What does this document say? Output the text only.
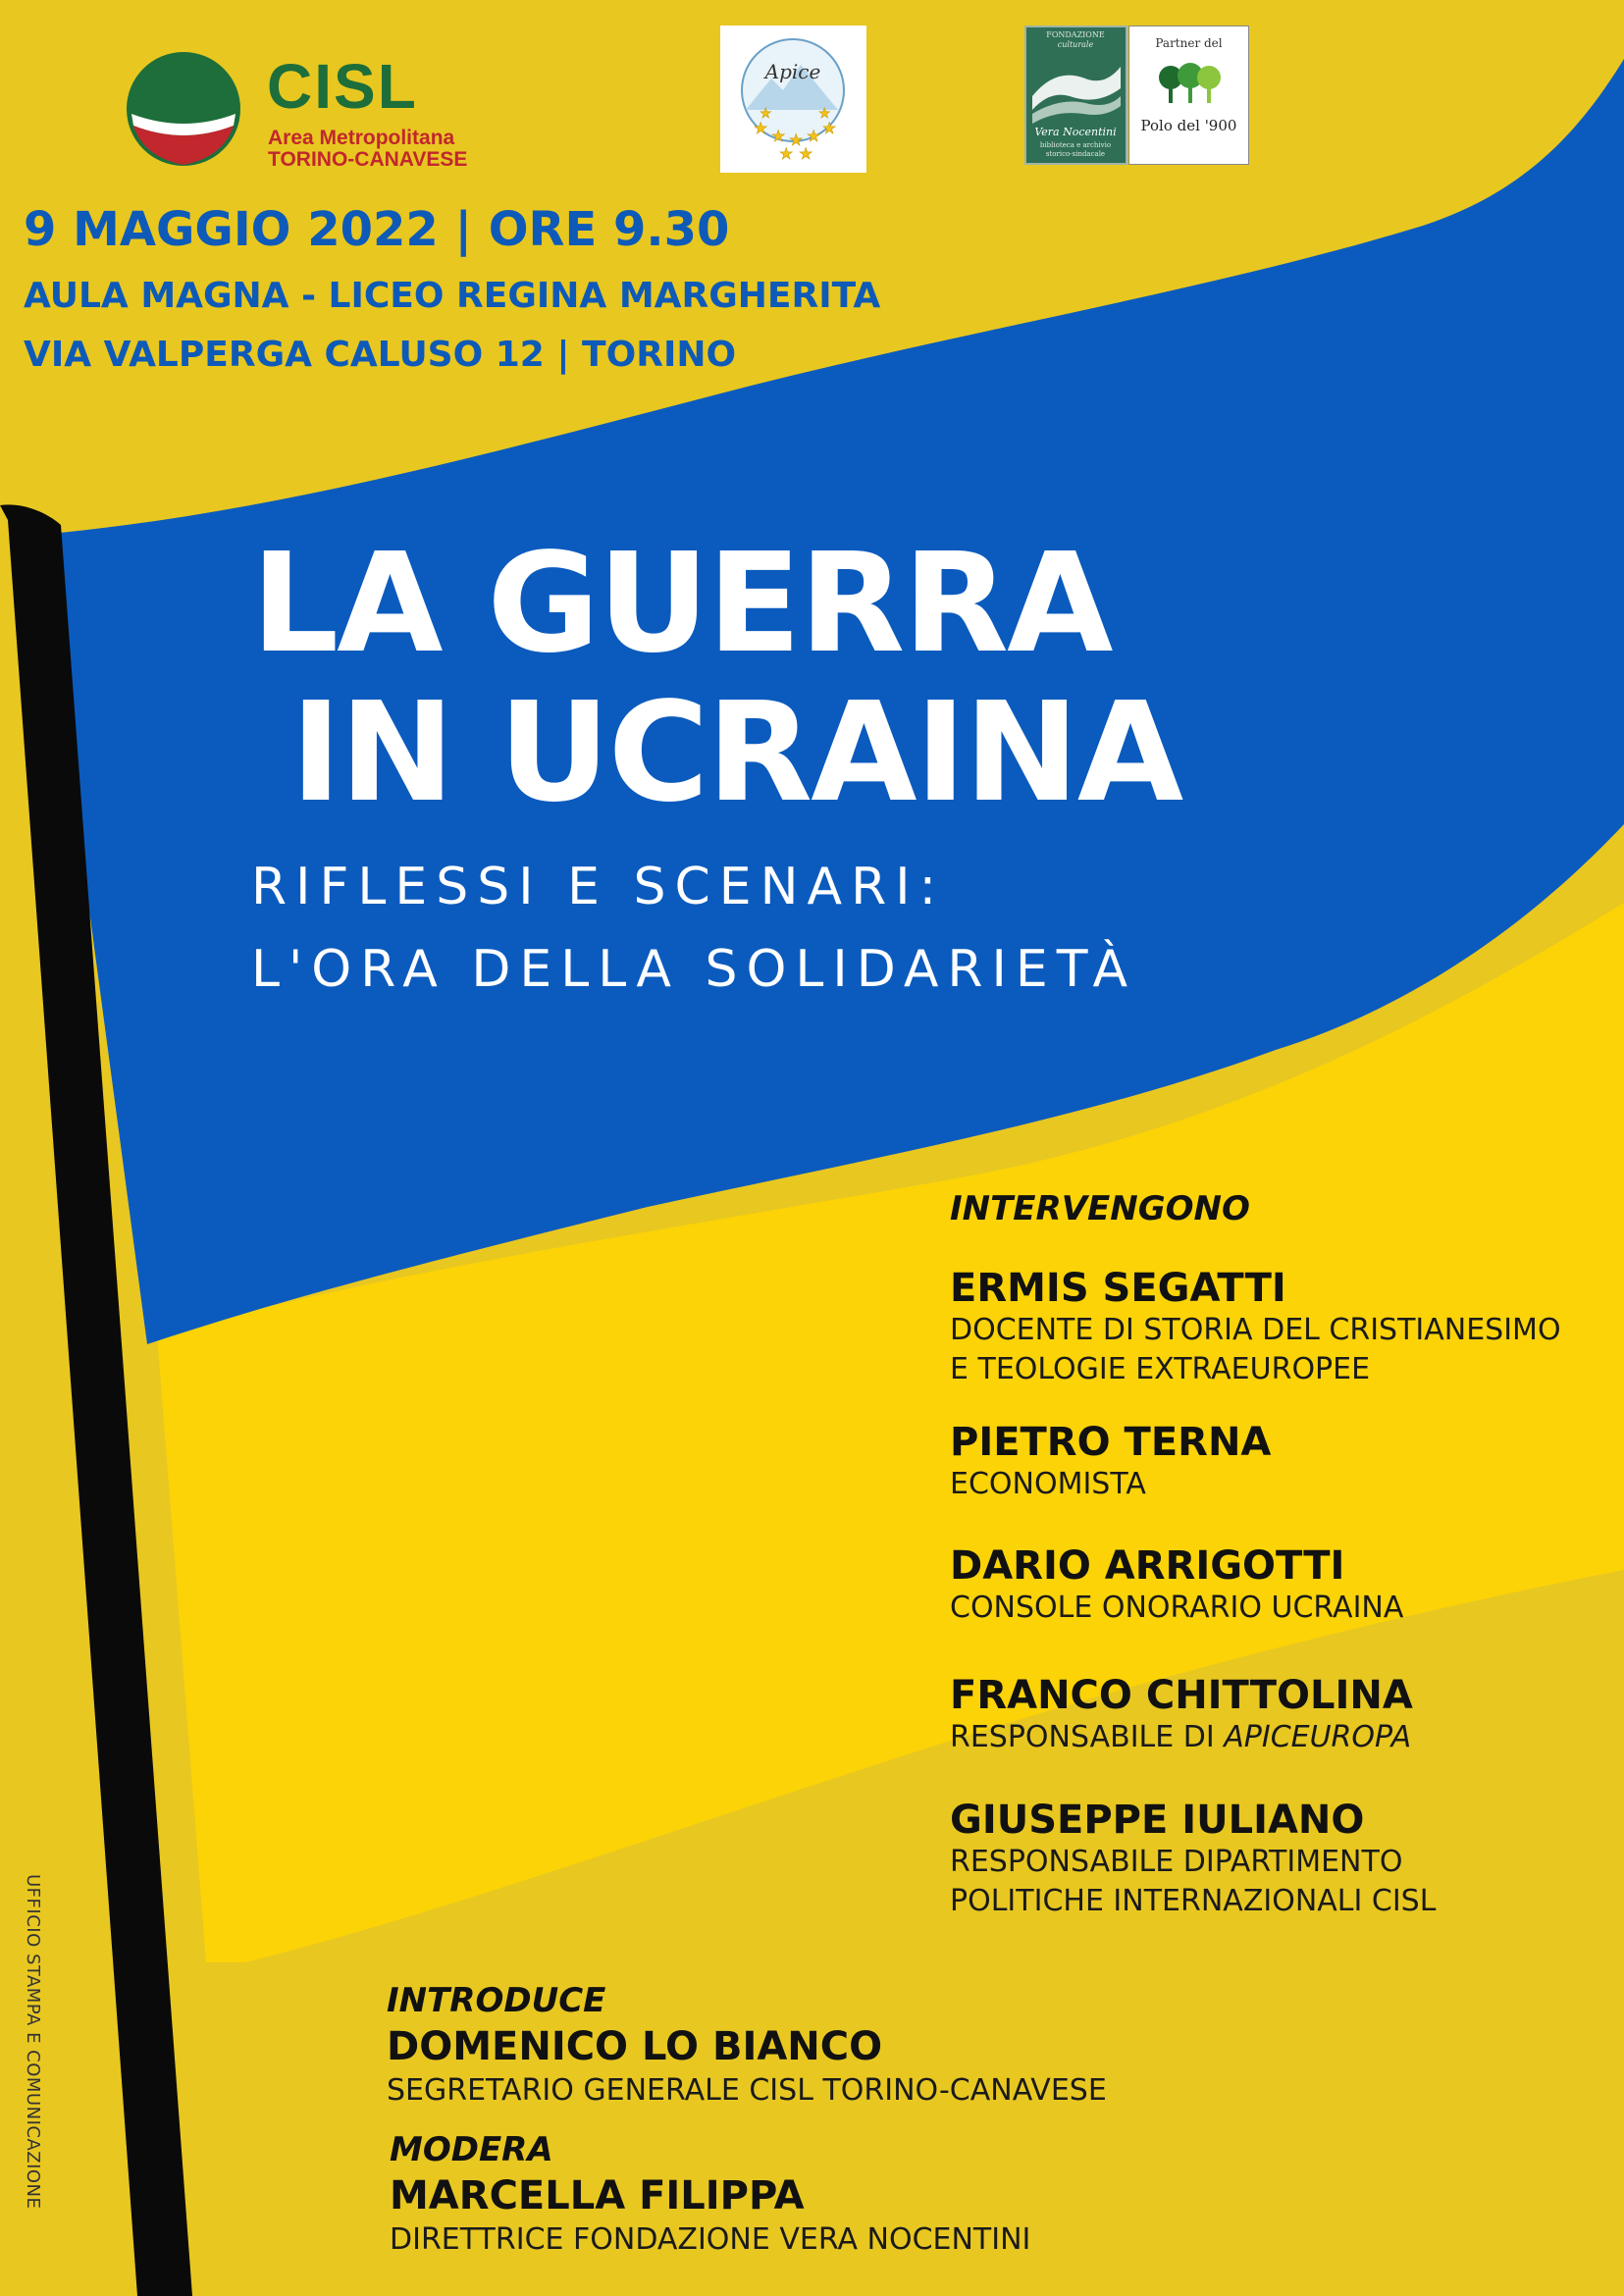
CISL
Area Metropolitana
TORINO-CANAVESE
Apice
★ ★ ★ ★ ★
★ ★
★	★
FONDAZIONE
culturale
Vera Nocentini
biblioteca e archivio
storico-sindacale
Partner del
Polo del '900
9 MAGGIO 2022 | ORE 9.30
AULA MAGNA - LICEO REGINA MARGHERITA
VIA VALPERGA CALUSO 12 | TORINO
LA GUERRA
IN UCRAINA
RIFLESSI E SCENARI:
L'ORA DELLA SOLIDARIETÀ
INTERVENGONO
ERMIS SEGATTI
DOCENTE DI STORIA DEL CRISTIANESIMO
E TEOLOGIE EXTRAEUROPEE
PIETRO TERNA
ECONOMISTA
DARIO ARRIGOTTI
CONSOLE ONORARIO UCRAINA
FRANCO CHITTOLINA
RESPONSABILE DI APICEUROPA
GIUSEPPE IULIANO
RESPONSABILE DIPARTIMENTO
POLITICHE INTERNAZIONALI CISL
INTRODUCE
DOMENICO LO BIANCO
SEGRETARIO GENERALE CISL TORINO-CANAVESE
MODERA
MARCELLA FILIPPA
DIRETTRICE FONDAZIONE VERA NOCENTINI
UFFICIO STAMPA E COMUNICAZIONE
